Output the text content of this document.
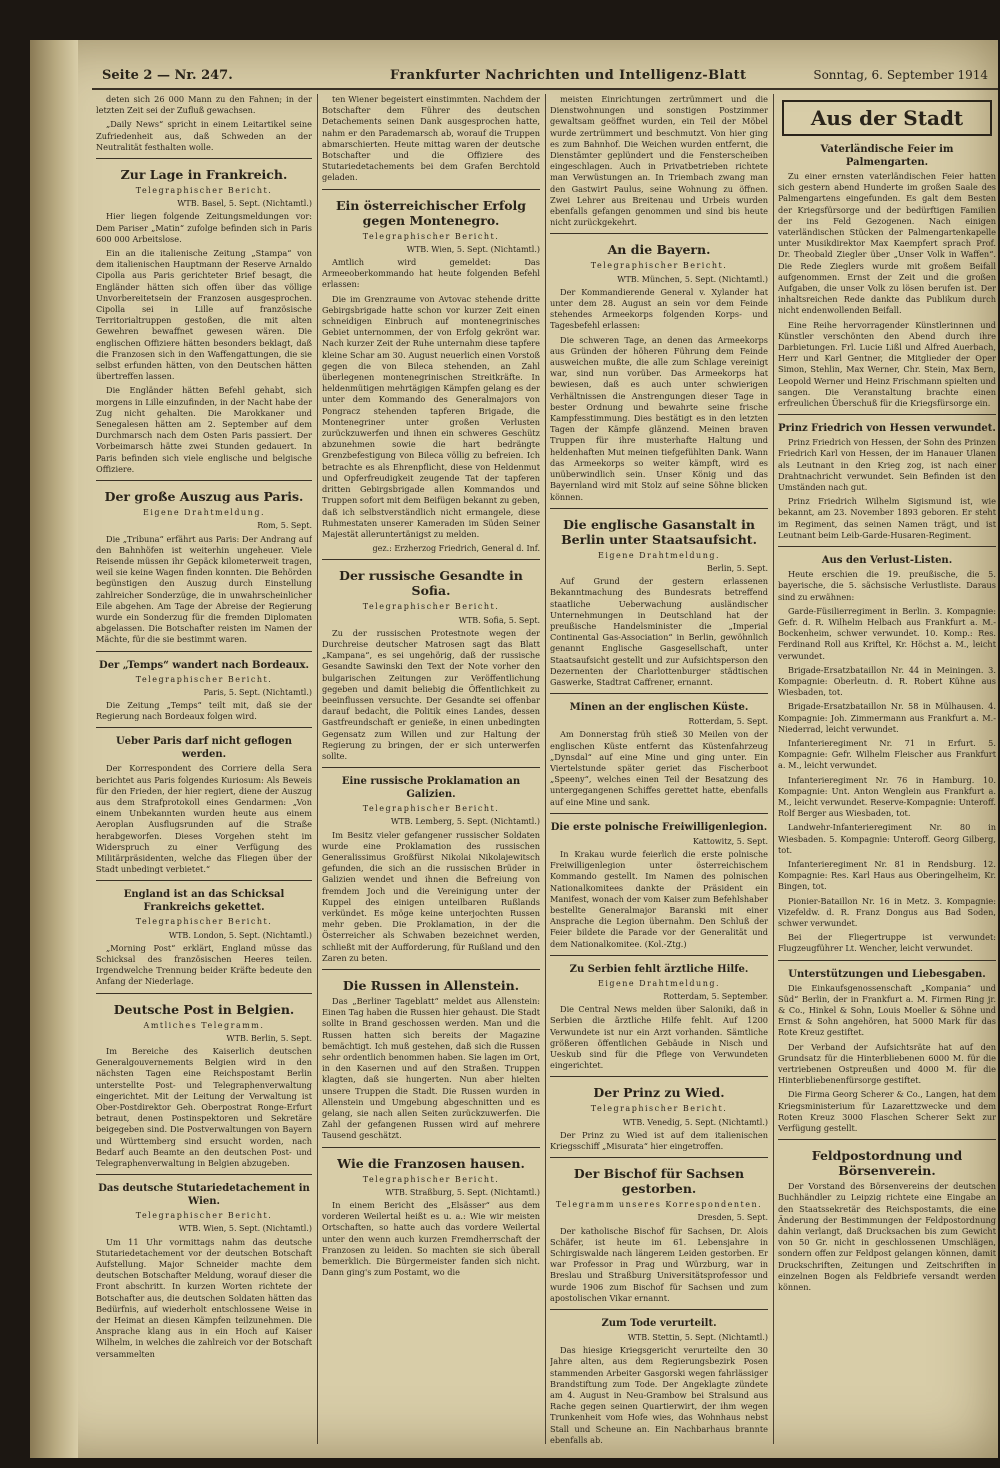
Seite 2 — Nr. 247.	Frankfurter Nachrichten und Intelligenz-Blatt	Sonntag, 6. September 1914

deten sich 26 000 Mann zu den Fahnen; in der letzten Zeit sei der Zufluß gewachsen.

„Daily News“ spricht in einem Leitartikel seine Zufriedenheit aus, daß Schweden an der Neutralität festhalten wolle.

Zur Lage in Frankreich.
Telegraphischer Bericht.
WTB. Basel, 5. Sept. (Nichtamtl.)

Hier liegen folgende Zeitungsmeldungen vor: Dem Pariser „Matin“ zufolge befinden sich in Paris 600 000 Arbeitslose.

Ein an die italienische Zeitung „Stampa“ von dem italienischen Hauptmann der Reserve Arnaldo Cipolla aus Paris gerichteter Brief besagt, die Engländer hätten sich offen über das völlige Unvorbereitetsein der Franzosen ausgesprochen. Cipolla sei in Lille auf französische Territorialtruppen gestoßen, die mit alten Gewehren bewaffnet gewesen wären. Die englischen Offiziere hätten besonders beklagt, daß die Franzosen sich in den Waffengattungen, die sie selbst erfunden hätten, von den Deutschen hätten übertreffen lassen.

Die Engländer hätten Befehl gehabt, sich morgens in Lille einzufinden, in der Nacht habe der Zug nicht gehalten. Die Marokkaner und Senegalesen hätten am 2. September auf dem Durchmarsch nach dem Osten Paris passiert. Der Vorbeimarsch hätte zwei Stunden gedauert. In Paris befinden sich viele englische und belgische Offiziere.

Der große Auszug aus Paris.
Eigene Drahtmeldung.
Rom, 5. Sept.

Die „Tribuna“ erfährt aus Paris: Der Andrang auf den Bahnhöfen ist weiterhin ungeheuer. Viele Reisende müssen ihr Gepäck kilometerweit tragen, weil sie keine Wagen finden konnten. Die Behörden begünstigen den Auszug durch Einstellung zahlreicher Sonderzüge, die in unwahrscheinlicher Eile abgehen. Am Tage der Abreise der Regierung wurde ein Sonderzug für die fremden Diplomaten abgelassen. Die Botschafter reisten im Namen der Mächte, für die sie bestimmt waren.

Der „Temps“ wandert nach Bordeaux.
Telegraphischer Bericht.
Paris, 5. Sept. (Nichtamtl.)

Die Zeitung „Temps“ teilt mit, daß sie der Regierung nach Bordeaux folgen wird.

Ueber Paris darf nicht geflogen werden.

Der Korrespondent des Corriere della Sera berichtet aus Paris folgendes Kuriosum: Als Beweis für den Frieden, der hier regiert, diene der Auszug aus dem Strafprotokoll eines Gendarmen: „Von einem Unbekannten wurden heute aus einem Aeroplan Ausflugsrunden auf die Straße herabgeworfen. Dieses Vorgehen steht im Widerspruch zu einer Verfügung des Militärpräsidenten, welche das Fliegen über der Stadt unbedingt verbietet.“

England ist an das Schicksal Frankreichs gekettet.
Telegraphischer Bericht.
WTB. London, 5. Sept. (Nichtamtl.)

„Morning Post“ erklärt, England müsse das Schicksal des französischen Heeres teilen. Irgendwelche Trennung beider Kräfte bedeute den Anfang der Niederlage.

Deutsche Post in Belgien.
Amtliches Telegramm.
WTB. Berlin, 5. Sept.

Im Bereiche des Kaiserlich deutschen Generalgouvernements Belgien wird in den nächsten Tagen eine Reichspostamt Berlin unterstellte Post- und Telegraphenverwaltung eingerichtet. Mit der Leitung der Verwaltung ist Ober-Postdirektor Geh. Oberpostrat Ronge-Erfurt betraut, denen Postinspektoren und Sekretäre beigegeben sind. Die Postverwaltungen von Bayern und Württemberg sind ersucht worden, nach Bedarf auch Beamte an den deutschen Post- und Telegraphenverwaltung in Belgien abzugeben.

Das deutsche Stutariedetachement in Wien.
Telegraphischer Bericht.
WTB. Wien, 5. Sept. (Nichtamtl.)

Um 11 Uhr vormittags nahm das deutsche Stutariedetachement vor der deutschen Botschaft Aufstellung. Major Schneider machte dem deutschen Botschafter Meldung, worauf dieser die Front abschritt. In kurzen Worten richtete der Botschafter aus, die deutschen Soldaten hätten das Bedürfnis, auf wiederholt entschlossene Weise in der Heimat an diesen Kämpfen teilzunehmen. Die Ansprache klang aus in ein Hoch auf Kaiser Wilhelm, in welches die zahlreich vor der Botschaft versammelten

ten Wiener begeistert einstimmten. Nachdem der Botschafter dem Führer des deutschen Detachements seinen Dank ausgesprochen hatte, nahm er den Parademarsch ab, worauf die Truppen abmarschierten. Heute mittag waren der deutsche Botschafter und die Offiziere des Stutariedetachements bei dem Grafen Berchtold geladen.

Ein österreichischer Erfolg gegen Montenegro.
Telegraphischer Bericht.
WTB. Wien, 5. Sept. (Nichtamtl.)

Amtlich wird gemeldet: Das Armeeoberkommando hat heute folgenden Befehl erlassen:

Die im Grenzraume von Avtovac stehende dritte Gebirgsbrigade hatte schon vor kurzer Zeit einen schneidigen Einbruch auf montenegrinisches Gebiet unternommen, der von Erfolg gekrönt war. Nach kurzer Zeit der Ruhe unternahm diese tapfere kleine Schar am 30. August neuerlich einen Vorstoß gegen die von Bileca stehenden, an Zahl überlegenen montenegrinischen Streitkräfte. In heldenmütigen mehrtägigen Kämpfen gelang es der unter dem Kommando des Generalmajors von Pongracz stehenden tapferen Brigade, die Montenegriner unter großen Verlusten zurückzuwerfen und ihnen ein schweres Geschütz abzunehmen sowie die hart bedrängte Grenzbefestigung von Bileca völlig zu befreien. Ich betrachte es als Ehrenpflicht, diese von Heldenmut und Opferfreudigkeit zeugende Tat der tapferen dritten Gebirgsbrigade allen Kommandos und Truppen sofort mit dem Beifügen bekannt zu geben, daß ich selbstverständlich nicht ermangele, diese Ruhmestaten unserer Kameraden im Süden Seiner Majestät alleruntertänigst zu melden.

gez.: Erzherzog Friedrich, General d. Inf.
Der russische Gesandte in Sofia.
Telegraphischer Bericht.
WTB. Sofia, 5. Sept.

Zu der russischen Protestnote wegen der Durchreise deutscher Matrosen sagt das Blatt „Kampana“, es sei ungehörig, daß der russische Gesandte Sawinski den Text der Note vorher den bulgarischen Zeitungen zur Veröffentlichung gegeben und damit beliebig die Öffentlichkeit zu beeinflussen versuchte. Der Gesandte sei offenbar darauf bedacht, die Politik eines Landes, dessen Gastfreundschaft er genieße, in einen unbedingten Gegensatz zum Willen und zur Haltung der Regierung zu bringen, der er sich unterwerfen sollte.

Eine russische Proklamation an Galizien.
Telegraphischer Bericht.
WTB. Lemberg, 5. Sept. (Nichtamtl.)

Im Besitz vieler gefangener russischer Soldaten wurde eine Proklamation des russischen Generalissimus Großfürst Nikolai Nikolajewitsch gefunden, die sich an die russischen Brüder in Galizien wendet und ihnen die Befreiung von fremdem Joch und die Vereinigung unter der Kuppel des einigen unteilbaren Rußlands verkündet. Es möge keine unterjochten Russen mehr geben. Die Proklamation, in der die Österreicher als Schwaben bezeichnet werden, schließt mit der Aufforderung, für Rußland und den Zaren zu beten.

Die Russen in Allenstein.

Das „Berliner Tageblatt“ meldet aus Allenstein: Einen Tag haben die Russen hier gehaust. Die Stadt sollte in Brand geschossen werden. Man und die Russen hatten sich bereits der Magazine bemächtigt. Ich muß gestehen, daß sich die Russen sehr ordentlich benommen haben. Sie lagen im Ort, in den Kasernen und auf den Straßen. Truppen klagten, daß sie hungerten. Nun aber hielten unsere Truppen die Stadt. Die Russen wurden in Allenstein und Umgebung abgeschnitten und es gelang, sie nach allen Seiten zurückzuwerfen. Die Zahl der gefangenen Russen wird auf mehrere Tausend geschätzt.

Wie die Franzosen hausen.
Telegraphischer Bericht.
WTB. Straßburg, 5. Sept. (Nichtamtl.)

In einem Bericht des „Elsässer“ aus dem vorderen Weilertal heißt es u. a.: Wie wir meisten Ortschaften, so hatte auch das vordere Weilertal unter den wenn auch kurzen Fremdherrschaft der Franzosen zu leiden. So machten sie sich überall bemerklich. Die Bürgermeister fanden sich nicht. Dann ging's zum Postamt, wo die

meisten Einrichtungen zertrümmert und die Dienstwohnungen und sonstigen Postzimmer gewaltsam geöffnet wurden, ein Teil der Möbel wurde zertrümmert und beschmutzt. Von hier ging es zum Bahnhof. Die Weichen wurden entfernt, die Dienstämter geplündert und die Fensterscheiben eingeschlagen. Auch in Privatbetrieben richtete man Verwüstungen an. In Triembach zwang man den Gastwirt Paulus, seine Wohnung zu öffnen. Zwei Lehrer aus Breitenau und Urbeis wurden ebenfalls gefangen genommen und sind bis heute nicht zurückgekehrt.

An die Bayern.
Telegraphischer Bericht.
WTB. München, 5. Sept. (Nichtamtl.)

Der Kommandierende General v. Xylander hat unter dem 28. August an sein vor dem Feinde stehendes Armeekorps folgenden Korps- und Tagesbefehl erlassen:

Die schweren Tage, an denen das Armeekorps aus Gründen der höheren Führung dem Feinde ausweichen mußte, die alle zum Schlage vereinigt war, sind nun vorüber. Das Armeekorps hat bewiesen, daß es auch unter schwierigen Verhältnissen die Anstrengungen dieser Tage in bester Ordnung und bewahrte seine frische Kampfesstimmung. Dies bestätigt es in den letzten Tagen der Kämpfe glänzend. Meinen braven Truppen für ihre musterhafte Haltung und heldenhaften Mut meinen tiefgefühlten Dank. Wann das Armeekorps so weiter kämpft, wird es unüberwindlich sein. Unser König und das Bayernland wird mit Stolz auf seine Söhne blicken können.

Die englische Gasanstalt in Berlin unter Staatsaufsicht.
Eigene Drahtmeldung.
Berlin, 5. Sept.

Auf Grund der gestern erlassenen Bekanntmachung des Bundesrats betreffend staatliche Ueberwachung ausländischer Unternehmungen in Deutschland hat der preußische Handelsminister die „Imperial Continental Gas-Association“ in Berlin, gewöhnlich genannt Englische Gasgesellschaft, unter Staatsaufsicht gestellt und zur Aufsichtsperson den Dezernenten der Charlottenburger städtischen Gaswerke, Stadtrat Caffrener, ernannt.

Minen an der englischen Küste.
Rotterdam, 5. Sept.

Am Donnerstag früh stieß 30 Meilen von der englischen Küste entfernt das Küstenfahrzeug „Dynsdal“ auf eine Mine und ging unter. Ein Viertelstunde später geriet das Fischerboot „Speeny“, welches einen Teil der Besatzung des untergegangenen Schiffes gerettet hatte, ebenfalls auf eine Mine und sank.

Die erste polnische Freiwilligenlegion.
Kattowitz, 5. Sept.

In Krakau wurde feierlich die erste polnische Freiwilligenlegion unter österreichischem Kommando gestellt. Im Namen des polnischen Nationalkomitees dankte der Präsident ein Manifest, wonach der vom Kaiser zum Befehlshaber bestellte Generalmajor Baranski mit einer Ansprache die Legion übernahm. Den Schluß der Feier bildete die Parade vor der Generalität und dem Nationalkomitee. (Kol.-Ztg.)

Zu Serbien fehlt ärztliche Hilfe.
Eigene Drahtmeldung.
Rotterdam, 5. September.

Die Central News melden über Saloniki, daß in Serbien die ärztliche Hilfe fehlt. Auf 1200 Verwundete ist nur ein Arzt vorhanden. Sämtliche größeren öffentlichen Gebäude in Nisch und Ueskub sind für die Pflege von Verwundeten eingerichtet.

Der Prinz zu Wied.
Telegraphischer Bericht.
WTB. Venedig, 5. Sept. (Nichtamtl.)

Der Prinz zu Wied ist auf dem italienischen Kriegsschiff „Misurata“ hier eingetroffen.

Der Bischof für Sachsen gestorben.
Telegramm unseres Korrespondenten.
Dresden, 5. Sept.

Der katholische Bischof für Sachsen, Dr. Alois Schäfer, ist heute im 61. Lebensjahre in Schirgiswalde nach längerem Leiden gestorben. Er war Professor in Prag und Würzburg, war in Breslau und Straßburg Universitätsprofessor und wurde 1906 zum Bischof für Sachsen und zum apostolischen Vikar ernannt.

Zum Tode verurteilt.
WTB. Stettin, 5. Sept. (Nichtamtl.)

Das hiesige Kriegsgericht verurteilte den 30 Jahre alten, aus dem Regierungsbezirk Posen stammenden Arbeiter Gasgorski wegen fahrlässiger Brandstiftung zum Tode. Der Angeklagte zündete am 4. August in Neu-Grambow bei Stralsund aus Rache gegen seinen Quartierwirt, der ihm wegen Trunkenheit vom Hofe wies, das Wohnhaus nebst Stall und Scheune an. Ein Nachbarhaus brannte ebenfalls ab.

Aus der Stadt
Vaterländische Feier im Palmengarten.

Zu einer ernsten vaterländischen Feier hatten sich gestern abend Hunderte im großen Saale des Palmengartens eingefunden. Es galt dem Besten der Kriegsfürsorge und der bedürftigen Familien der ins Feld Gezogenen. Nach einigen vaterländischen Stücken der Palmengartenkapelle unter Musikdirektor Max Kaempfert sprach Prof. Dr. Theobald Ziegler über „Unser Volk in Waffen“. Die Rede Zieglers wurde mit großem Beifall aufgenommen. Ernst der Zeit und die großen Aufgaben, die unser Volk zu lösen berufen ist. Der inhaltsreichen Rede dankte das Publikum durch nicht endenwollenden Beifall.

Eine Reihe hervorragender Künstlerinnen und Künstler verschönten den Abend durch ihre Darbietungen. Frl. Lucie Lißl und Alfred Auerbach, Herr und Karl Gentner, die Mitglieder der Oper Simon, Stehlin, Max Werner, Chr. Stein, Max Bern, Leopold Werner und Heinz Frischmann spielten und sangen. Die Veranstaltung brachte einen erfreulichen Überschuß für die Kriegsfürsorge ein.

Prinz Friedrich von Hessen verwundet.

Prinz Friedrich von Hessen, der Sohn des Prinzen Friedrich Karl von Hessen, der im Hanauer Ulanen als Leutnant in den Krieg zog, ist nach einer Drahtnachricht verwundet. Sein Befinden ist den Umständen nach gut.

Prinz Friedrich Wilhelm Sigismund ist, wie bekannt, am 23. November 1893 geboren. Er steht im Regiment, das seinen Namen trägt, und ist Leutnant beim Leib-Garde-Husaren-Regiment.

Aus den Verlust-Listen.

Heute erschien die 19. preußische, die 5. bayerische, die 5. sächsische Verlustliste. Daraus sind zu erwähnen:

Garde-Füsilierregiment in Berlin. 3. Kompagnie: Gefr. d. R. Wilhelm Helbach aus Frankfurt a. M.-Bockenheim, schwer verwundet. 10. Komp.: Res. Ferdinand Roll aus Kriftel, Kr. Höchst a. M., leicht verwundet.

Brigade-Ersatzbataillon Nr. 44 in Meiningen. 3. Kompagnie: Oberleutn. d. R. Robert Kühne aus Wiesbaden, tot.

Brigade-Ersatzbataillon Nr. 58 in Mülhausen. 4. Kompagnie: Joh. Zimmermann aus Frankfurt a. M.-Niederrad, leicht verwundet.

Infanterieregiment Nr. 71 in Erfurt. 5. Kompagnie: Gefr. Wilhelm Fleischer aus Frankfurt a. M., leicht verwundet.

Infanterieregiment Nr. 76 in Hamburg. 10. Kompagnie: Unt. Anton Wenglein aus Frankfurt a. M., leicht verwundet. Reserve-Kompagnie: Unteroff. Rolf Berger aus Wiesbaden, tot.

Landwehr-Infanterieregiment Nr. 80 in Wiesbaden. 5. Kompagnie: Unteroff. Georg Gilberg, tot.

Infanterieregiment Nr. 81 in Rendsburg. 12. Kompagnie: Res. Karl Haus aus Oberingelheim, Kr. Bingen, tot.

Pionier-Bataillon Nr. 16 in Metz. 3. Kompagnie: Vizefeldw. d. R. Franz Dongus aus Bad Soden, schwer verwundet.

Bei der Fliegertruppe ist verwundet: Flugzeugführer Lt. Wencher, leicht verwundet.

Unterstützungen und Liebesgaben.

Die Einkaufsgenossenschaft „Kompania“ und Süd“ Berlin, der in Frankfurt a. M. Firmen Ring jr. & Co., Hinkel & Sohn, Louis Moeller & Söhne und Ernst & Sohn angehören, hat 5000 Mark für das Rote Kreuz gestiftet.

Der Verband der Aufsichtsräte hat auf den Grundsatz für die Hinterbliebenen 6000 M. für die vertriebenen Ostpreußen und 4000 M. für die Hinterbliebenenfürsorge gestiftet.

Die Firma Georg Scherer & Co., Langen, hat dem Kriegsministerium für Lazarettzwecke und dem Roten Kreuz 3000 Flaschen Scherer Sekt zur Verfügung gestellt.

Feldpostordnung und Börsenverein.

Der Vorstand des Börsenvereins der deutschen Buchhändler zu Leipzig richtete eine Eingabe an den Staatssekretär des Reichspostamts, die eine Änderung der Bestimmungen der Feldpostordnung dahin verlangt, daß Drucksachen bis zum Gewicht von 50 Gr. nicht in geschlossenen Umschlägen, sondern offen zur Feldpost gelangen können, damit Druckschriften, Zeitungen und Zeitschriften in einzelnen Bogen als Feldbriefe versandt werden können.
